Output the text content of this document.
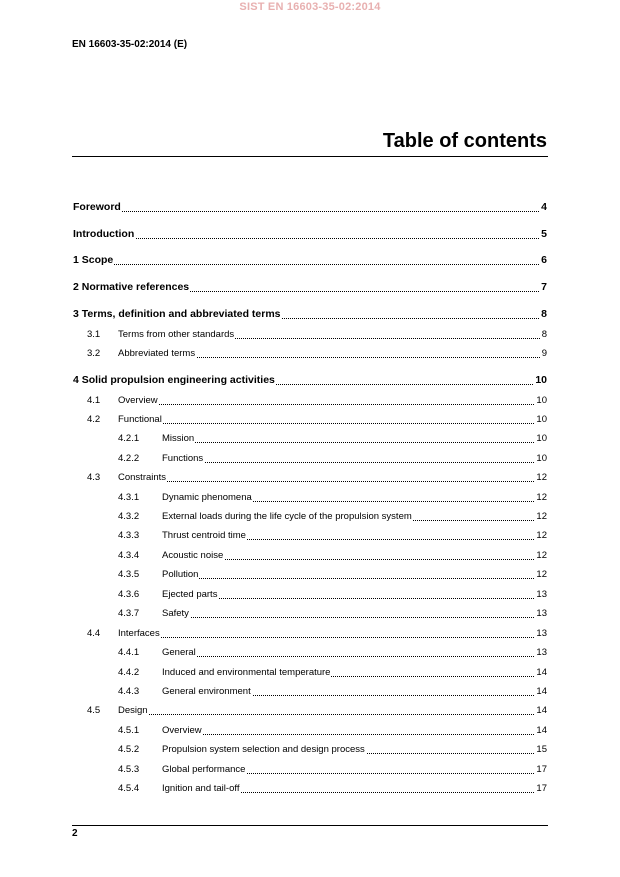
SIST EN 16603-35-02:2014
EN 16603-35-02:2014 (E)
Table of contents
Foreword	4
Introduction	5
1 Scope	6
2 Normative references	7
3 Terms, definition and abbreviated terms	8
3.1 Terms from other standards	8
3.2 Abbreviated terms	9
4 Solid propulsion engineering activities	10
4.1 Overview	10
4.2 Functional	10
4.2.1 Mission	10
4.2.2 Functions	10
4.3 Constraints	12
4.3.1 Dynamic phenomena	12
4.3.2 External loads during the life cycle of the propulsion system	12
4.3.3 Thrust centroid time	12
4.3.4 Acoustic noise	12
4.3.5 Pollution	12
4.3.6 Ejected parts	13
4.3.7 Safety	13
4.4 Interfaces	13
4.4.1 General	13
4.4.2 Induced and environmental temperature	14
4.4.3 General environment	14
4.5 Design	14
4.5.1 Overview	14
4.5.2 Propulsion system selection and design process	15
4.5.3 Global performance	17
4.5.4 Ignition and tail-off	17
2
